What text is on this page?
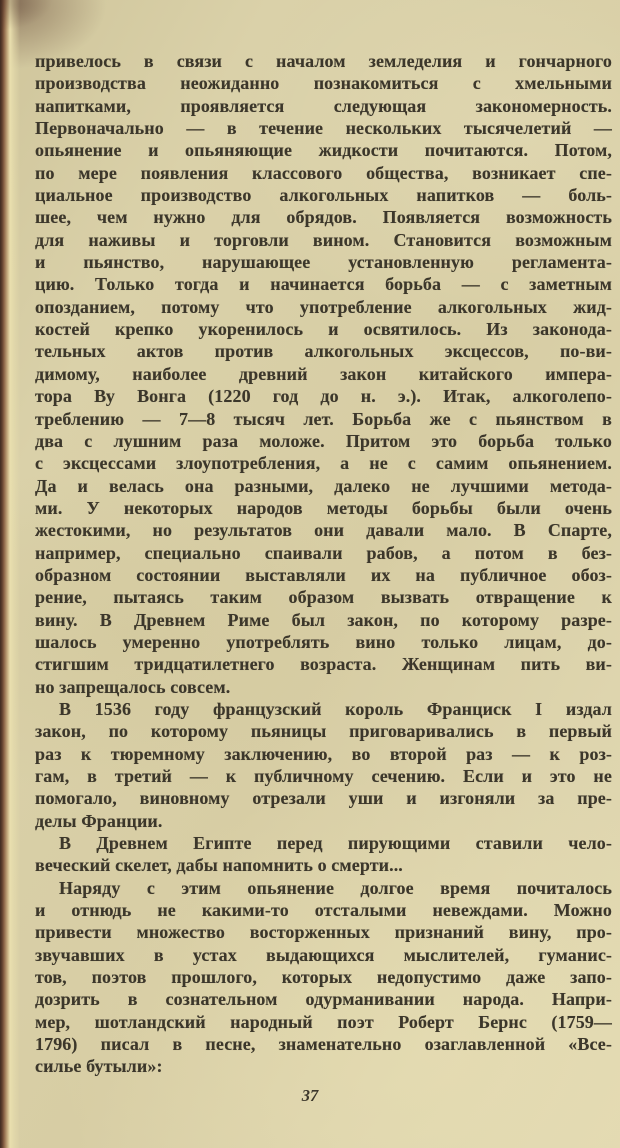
привелось в связи с началом земледелия и гончарного
производства неожиданно познакомиться с хмельными
напитками, проявляется следующая закономерность.
Первоначально — в течение нескольких тысячелетий —
опьянение и опьяняющие жидкости почитаются. Потом,
по мере появления классового общества, возникает спе-
циальное производство алкогольных напитков — боль-
шее, чем нужно для обрядов. Появляется возможность
для наживы и торговли вином. Становится возможным
и пьянство, нарушающее установленную регламента-
цию. Только тогда и начинается борьба — с заметным
опозданием, потому что употребление алкогольных жид-
костей крепко укоренилось и освятилось. Из законода-
тельных актов против алкогольных эксцессов, по-ви-
димому, наиболее древний закон китайского импера-
тора Ву Вонга (1220 год до н. э.). Итак, алкоголепо-
треблению — 7—8 тысяч лет. Борьба же с пьянством в
два с лушним раза моложе. Притом это борьба только
с эксцессами злоупотребления, а не с самим опьянением.
Да и велась она разными, далеко не лучшими метода-
ми. У некоторых народов методы борьбы были очень
жестокими, но результатов они давали мало. В Спарте,
например, специально спаивали рабов, а потом в без-
образном состоянии выставляли их на публичное обоз-
рение, пытаясь таким образом вызвать отвращение к
вину. В Древнем Риме был закон, по которому разре-
шалось умеренно употреблять вино только лицам, до-
стигшим тридцатилетнего возраста. Женщинам пить ви-
но запрещалось совсем.
В 1536 году французский король Франциск I издал
закон, по которому пьяницы приговаривались в первый
раз к тюремному заключению, во второй раз — к роз-
гам, в третий — к публичному сечению. Если и это не
помогало, виновному отрезали уши и изгоняли за пре-
делы Франции.
В Древнем Египте перед пирующими ставили чело-
веческий скелет, дабы напомнить о смерти...
Наряду с этим опьянение долгое время почиталось
и отнюдь не какими-то отсталыми невеждами. Можно
привести множество восторженных признаний вину, про-
звучавших в устах выдающихся мыслителей, гуманис-
тов, поэтов прошлого, которых недопустимо даже запо-
дозрить в сознательном одурманивании народа. Напри-
мер, шотландский народный поэт Роберт Бернс (1759—
1796) писал в песне, знаменательно озаглавленной «Все-
силье бутыли»:
37
